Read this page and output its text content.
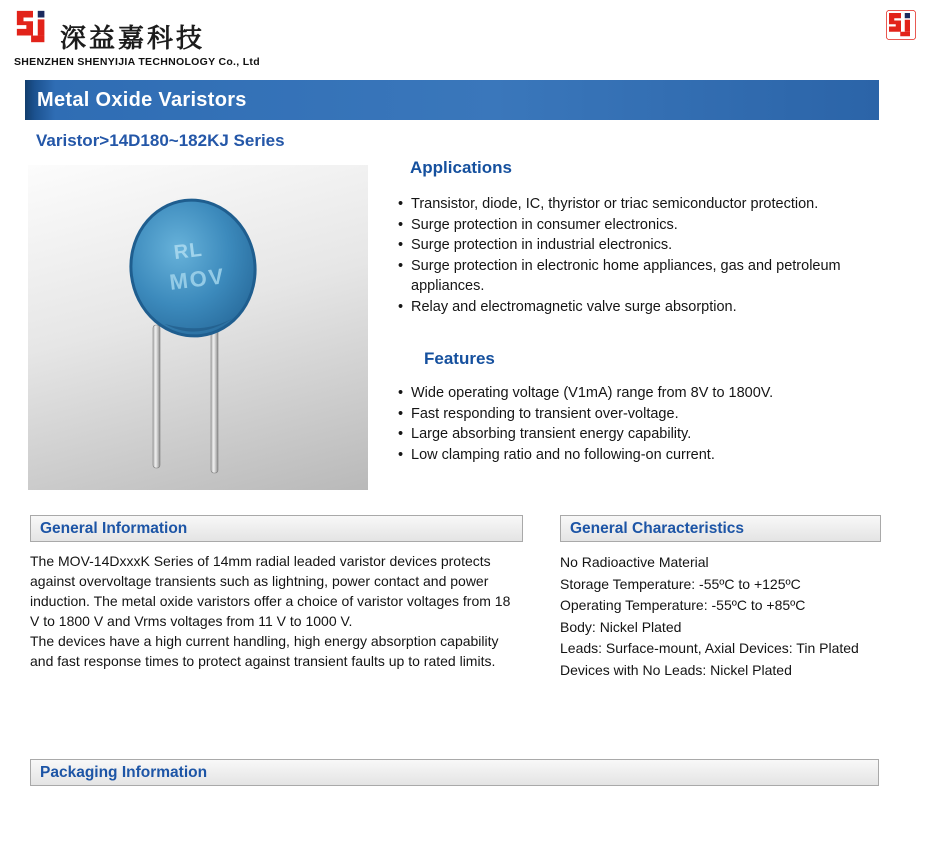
深益嘉科技
SHENZHEN SHENYIJIA TECHNOLOGY Co., Ltd
Metal Oxide Varistors
Varistor>14D180~182KJ Series
RL
MOV
Applications
• Transistor, diode, IC, thyristor or triac semiconductor protection.
• Surge protection in consumer electronics.
• Surge protection in industrial electronics.
• Surge protection in electronic home appliances, gas and petroleum appliances.
• Relay and electromagnetic valve surge absorption.
Features
• Wide operating voltage (V1mA) range from 8V to 1800V.
• Fast responding to transient over-voltage.
• Large absorbing transient energy capability.
• Low clamping ratio and no following-on current.
General Information

The MOV-14DxxxK Series of 14mm radial leaded varistor devices protects against overvoltage transients such as lightning, power contact and power induction. The metal oxide varistors offer a choice of varistor voltages from 18 V to 1800 V and Vrms voltages from 11 V to 1000 V.

The devices have a high current handling, high energy absorption capability and fast response times to protect against transient faults up to rated limits.

General Characteristics
No Radioactive Material
Storage Temperature: -55ºC to +125ºC
Operating Temperature: -55ºC to +85ºC
Body: Nickel Plated
Leads: Surface-mount, Axial Devices: Tin Plated
Devices with No Leads: Nickel Plated
Packaging Information
